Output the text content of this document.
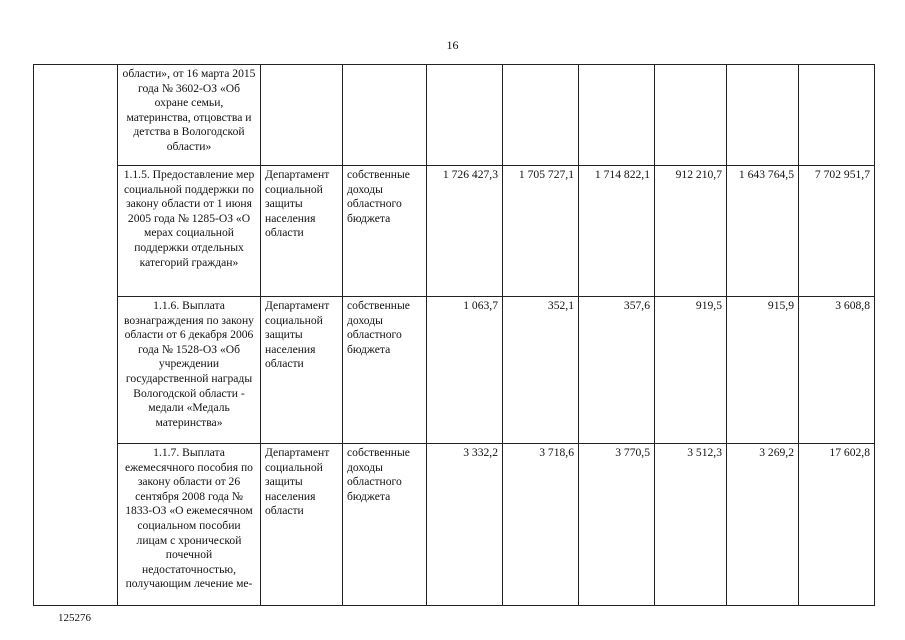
16
	области», от 16 марта 2015 года № 3602-ОЗ «Об охране семьи, материнства, отцовства и детства в Вологодской области»								
	1.1.5. Предоставление мер социальной поддержки по закону области от 1 июня 2005 года № 1285-ОЗ «О мерах социальной поддержки отдельных категорий граждан»	Департамент социальной защиты населения области	собственные доходы областного бюджета	1 726 427,3	1 705 727,1	1 714 822,1	912 210,7	1 643 764,5	7 702 951,7
	1.1.6. Выплата вознаграждения по закону области от 6 декабря 2006 года № 1528-ОЗ «Об учреждении государственной награды Вологодской области - медали «Медаль материнства»	Департамент социальной защиты населения области	собственные доходы областного бюджета	1 063,7	352,1	357,6	919,5	915,9	3 608,8
	1.1.7. Выплата ежемесячного пособия по закону области от 26 сентября 2008 года № 1833-ОЗ «О ежемесячном социальном пособии лицам с хронической почечной недостаточностью, получающим лечение ме-	Департамент социальной защиты населения области	собственные доходы областного бюджета	3 332,2	3 718,6	3 770,5	3 512,3	3 269,2	17 602,8
125276
